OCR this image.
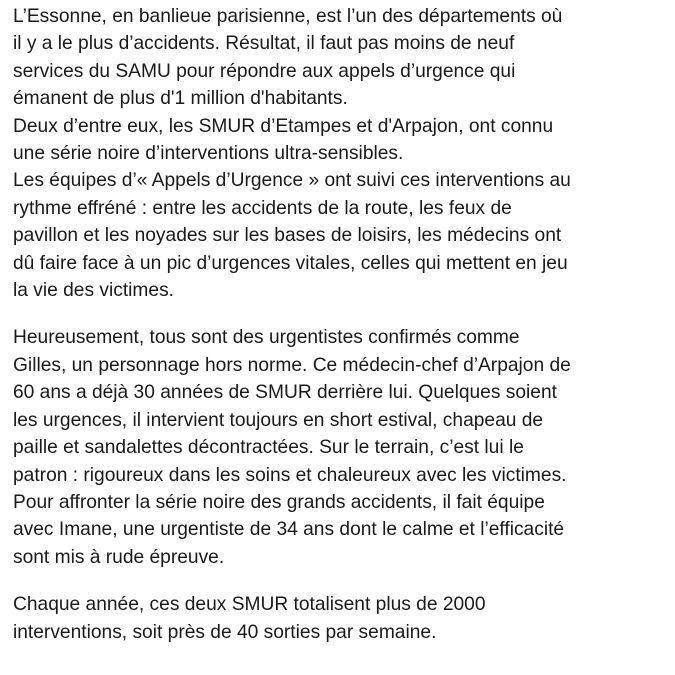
L’Essonne, en banlieue parisienne, est l’un des départements où
il y a le plus d’accidents. Résultat, il faut pas moins de neuf
services du SAMU pour répondre aux appels d’urgence qui
émanent de plus d'1 million d'habitants.
Deux d’entre eux, les SMUR d’Etampes et d'Arpajon, ont connu
une série noire d’interventions ultra-sensibles.
Les équipes d’« Appels d’Urgence » ont suivi ces interventions au
rythme effréné : entre les accidents de la route, les feux de
pavillon et les noyades sur les bases de loisirs, les médecins ont
dû faire face à un pic d’urgences vitales, celles qui mettent en jeu
la vie des victimes.

Heureusement, tous sont des urgentistes confirmés comme
Gilles, un personnage hors norme. Ce médecin-chef d’Arpajon de
60 ans a déjà 30 années de SMUR derrière lui. Quelques soient
les urgences, il intervient toujours en short estival, chapeau de
paille et sandalettes décontractées. Sur le terrain, c’est lui le
patron : rigoureux dans les soins et chaleureux avec les victimes.
Pour affronter la série noire des grands accidents, il fait équipe
avec Imane, une urgentiste de 34 ans dont le calme et l’efficacité
sont mis à rude épreuve.

Chaque année, ces deux SMUR totalisent plus de 2000
interventions, soit près de 40 sorties par semaine.
